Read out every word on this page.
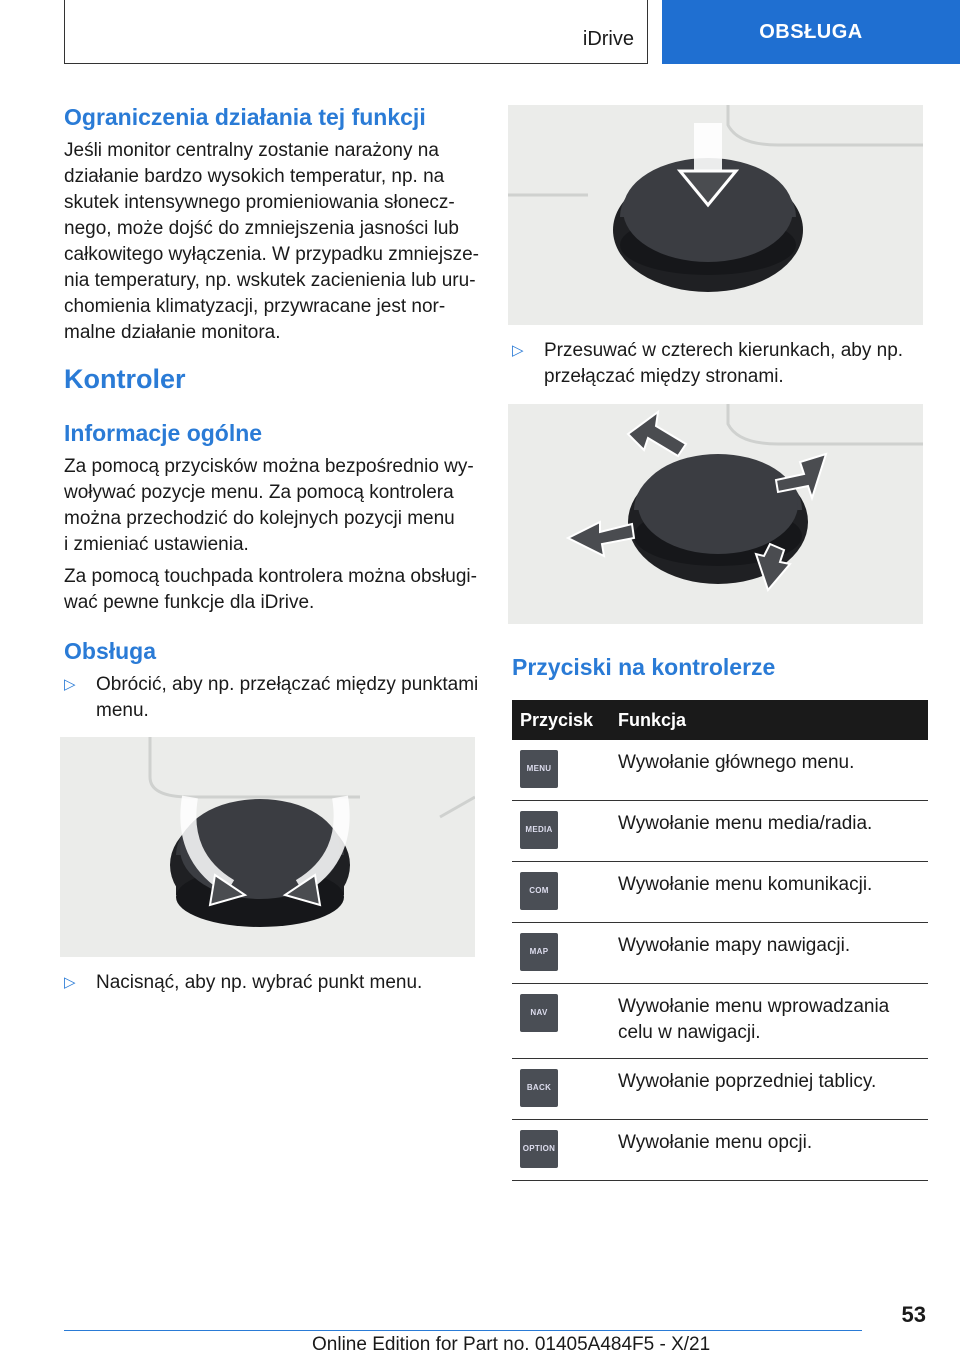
iDrive	OBSŁUGA
Ograniczenia działania tej funkcji
Jeśli monitor centralny zostanie narażony na
działanie bardzo wysokich temperatur, np. na
skutek intensywnego promieniowania słonecz-
nego, może dojść do zmniejszenia jasności lub
całkowitego wyłączenia. W przypadku zmniejsze-
nia temperatury, np. wskutek zacienienia lub uru-
chomienia klimatyzacji, przywracane jest nor-
malne działanie monitora.
Kontroler
Informacje ogólne
Za pomocą przycisków można bezpośrednio wy-
woływać pozycje menu. Za pomocą kontrolera
można przechodzić do kolejnych pozycji menu
i zmieniać ustawienia.
Za pomocą touchpada kontrolera można obsługi-
wać pewne funkcje dla iDrive.
Obsługa
▷ Obrócić, aby np. przełączać między punktami
menu.
▷ Nacisnąć, aby np. wybrać punkt menu.
▷ Przesuwać w czterech kierunkach, aby np.
przełączać między stronami.
Przyciski na kontrolerze
Przycisk	Funkcja

MENU	Wywołanie głównego menu.

MEDIA	Wywołanie menu media/radia.

COM	Wywołanie menu komunikacji.

MAP	Wywołanie mapy nawigacji.

NAV	Wywołanie menu wprowadzania celu w nawigacji.

BACK	Wywołanie poprzedniej tablicy.

OPTION	Wywołanie menu opcji.
53
Online Edition for Part no. 01405A484F5 - X/21
